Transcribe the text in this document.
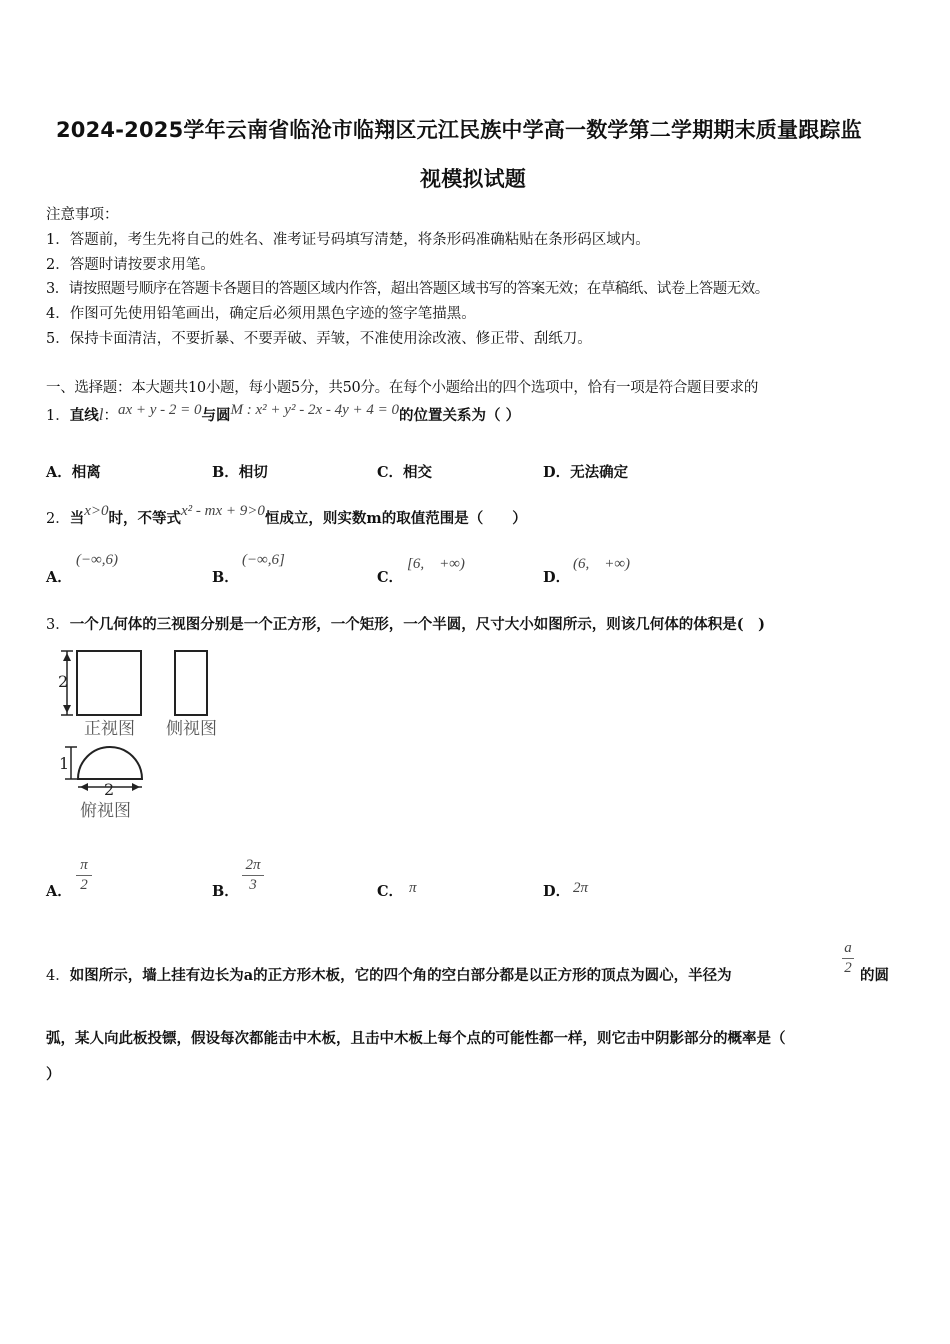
2024-2025学年云南省临沧市临翔区元江民族中学高一数学第二学期期末质量跟踪监
视模拟试题
注意事项：
1．答题前，考生先将自己的姓名、准考证号码填写清楚，将条形码准确粘贴在条形码区域内。
2．答题时请按要求用笔。
3．请按照题号顺序在答题卡各题目的答题区域内作答，超出答题区域书写的答案无效；在草稿纸、试卷上答题无效。
4．作图可先使用铅笔画出，确定后必须用黑色字迹的签字笔描黑。
5．保持卡面清洁，不要折暴、不要弄破、弄皱，不准使用涂改液、修正带、刮纸刀。
一、选择题：本大题共10小题，每小题5分，共50分。在每个小题给出的四个选项中，恰有一项是符合题目要求的
1．直线l：ax + y - 2 = 0与圆M : x² + y² - 2x - 4y + 4 = 0的位置关系为（ ）
A．相离	B．相切	C．相交	D．无法确定
2．当x>0时，不等式x² - mx + 9>0恒成立，则实数m的取值范围是（　　）
A．
(−∞,6)
B．
(−∞,6]
C．
[6,　+∞)
D．
(6,　+∞)
3．一个几何体的三视图分别是一个正方形，一个矩形，一个半圆，尺寸大小如图所示，则该几何体的体积是(　)
2
正视图 侧视图
1
2
俯视图
A．
π
2	B．
2π
3	C． π	D． 2π
4．如图所示，墙上挂有边长为a的正方形木板，它的四个角的空白部分都是以正方形的顶点为圆心，半径为
a
2 的圆
弧，某人向此板投镖，假设每次都能击中木板，且击中木板上每个点的可能性都一样，则它击中阴影部分的概率是（
）
